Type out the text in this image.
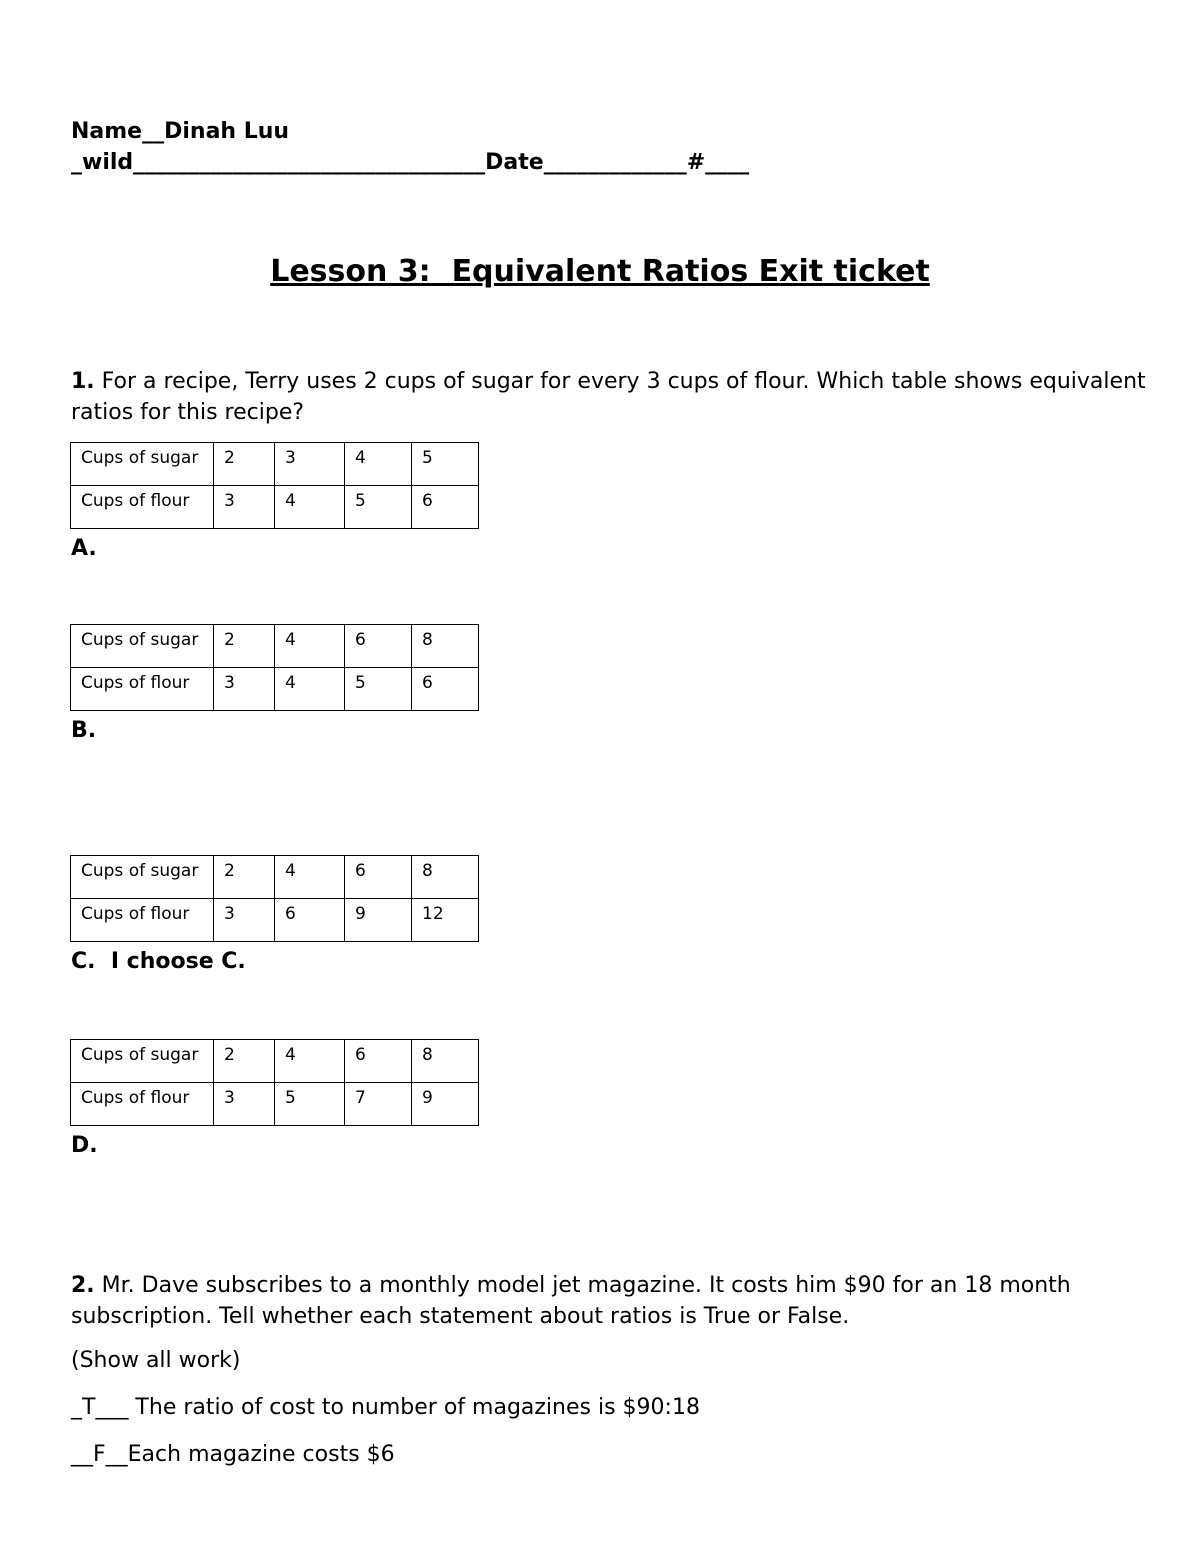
Name__Dinah Luu
_wild________________________________Date_____________#____
Lesson 3:  Equivalent Ratios Exit ticket
1. For a recipe, Terry uses 2 cups of sugar for every 3 cups of flour. Which table shows equivalent ratios for this recipe?
Cups of sugar	2	3	4	5
Cups of flour	3	4	5	6
A.
Cups of sugar	2	4	6	8
Cups of flour	3	4	5	6
B.
Cups of sugar	2	4	6	8
Cups of flour	3	6	9	12
C.  I choose C.
Cups of sugar	2	4	6	8
Cups of flour	3	5	7	9
D.
2. Mr. Dave subscribes to a monthly model jet magazine. It costs him $90 for an 18 month subscription. Tell whether each statement about ratios is True or False.
(Show all work)
_T___ The ratio of cost to number of magazines is $90:18
__F__Each magazine costs $6
